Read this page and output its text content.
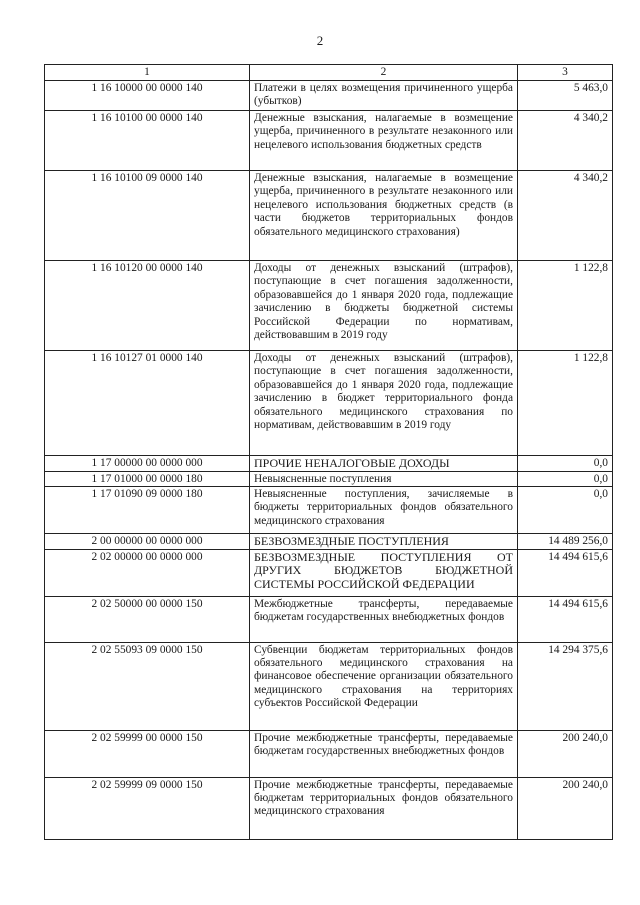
2
1	2	3
1 16 10000 00 0000 140	Платежи в целях возмещения причиненного ущерба (убытков)	5 463,0
1 16 10100 00 0000 140	Денежные взыскания, налагаемые в возмещение ущерба, причиненного в результате незаконного или нецелевого использования бюджетных средств	4 340,2
1 16 10100 09 0000 140	Денежные взыскания, налагаемые в возмещение ущерба, причиненного в результате незаконного или нецелевого использования бюджетных средств (в части бюджетов территориальных фондов обязательного медицинского страхования)	4 340,2
1 16 10120 00 0000 140	Доходы от денежных взысканий (штрафов), поступающие в счет погашения задолженности, образовавшейся до 1 января 2020 года, подлежащие зачислению в бюджеты бюджетной системы Российской Федерации по нормативам, действовавшим в 2019 году	1 122,8
1 16 10127 01 0000 140	Доходы от денежных взысканий (штрафов), поступающие в счет погашения задолженности, образовавшейся до 1 января 2020 года, подлежащие зачислению в бюджет территориального фонда обязательного медицинского страхования по нормативам, действовавшим в 2019 году	1 122,8
1 17 00000 00 0000 000	ПРОЧИЕ НЕНАЛОГОВЫЕ ДОХОДЫ	0,0
1 17 01000 00 0000 180	Невыясненные поступления	0,0
1 17 01090 09 0000 180	Невыясненные поступления, зачисляемые в бюджеты территориальных фондов обязательного медицинского страхования	0,0
2 00 00000 00 0000 000	БЕЗВОЗМЕЗДНЫЕ ПОСТУПЛЕНИЯ	14 489 256,0
2 02 00000 00 0000 000	БЕЗВОЗМЕЗДНЫЕ ПОСТУПЛЕНИЯ ОТ ДРУГИХ БЮДЖЕТОВ БЮДЖЕТНОЙ СИСТЕМЫ РОССИЙСКОЙ ФЕДЕРАЦИИ	14 494 615,6
2 02 50000 00 0000 150	Межбюджетные трансферты, передаваемые бюджетам государственных внебюджетных фондов	14 494 615,6
2 02 55093 09 0000 150	Субвенции бюджетам территориальных фондов обязательного медицинского страхования на финансовое обеспечение организации обязательного медицинского страхования на территориях субъектов Российской Федерации	14 294 375,6
2 02 59999 00 0000 150	Прочие межбюджетные трансферты, передаваемые бюджетам государственных внебюджетных фондов	200 240,0
2 02 59999 09 0000 150	Прочие межбюджетные трансферты, передаваемые бюджетам территориальных фондов обязательного медицинского страхования	200 240,0
